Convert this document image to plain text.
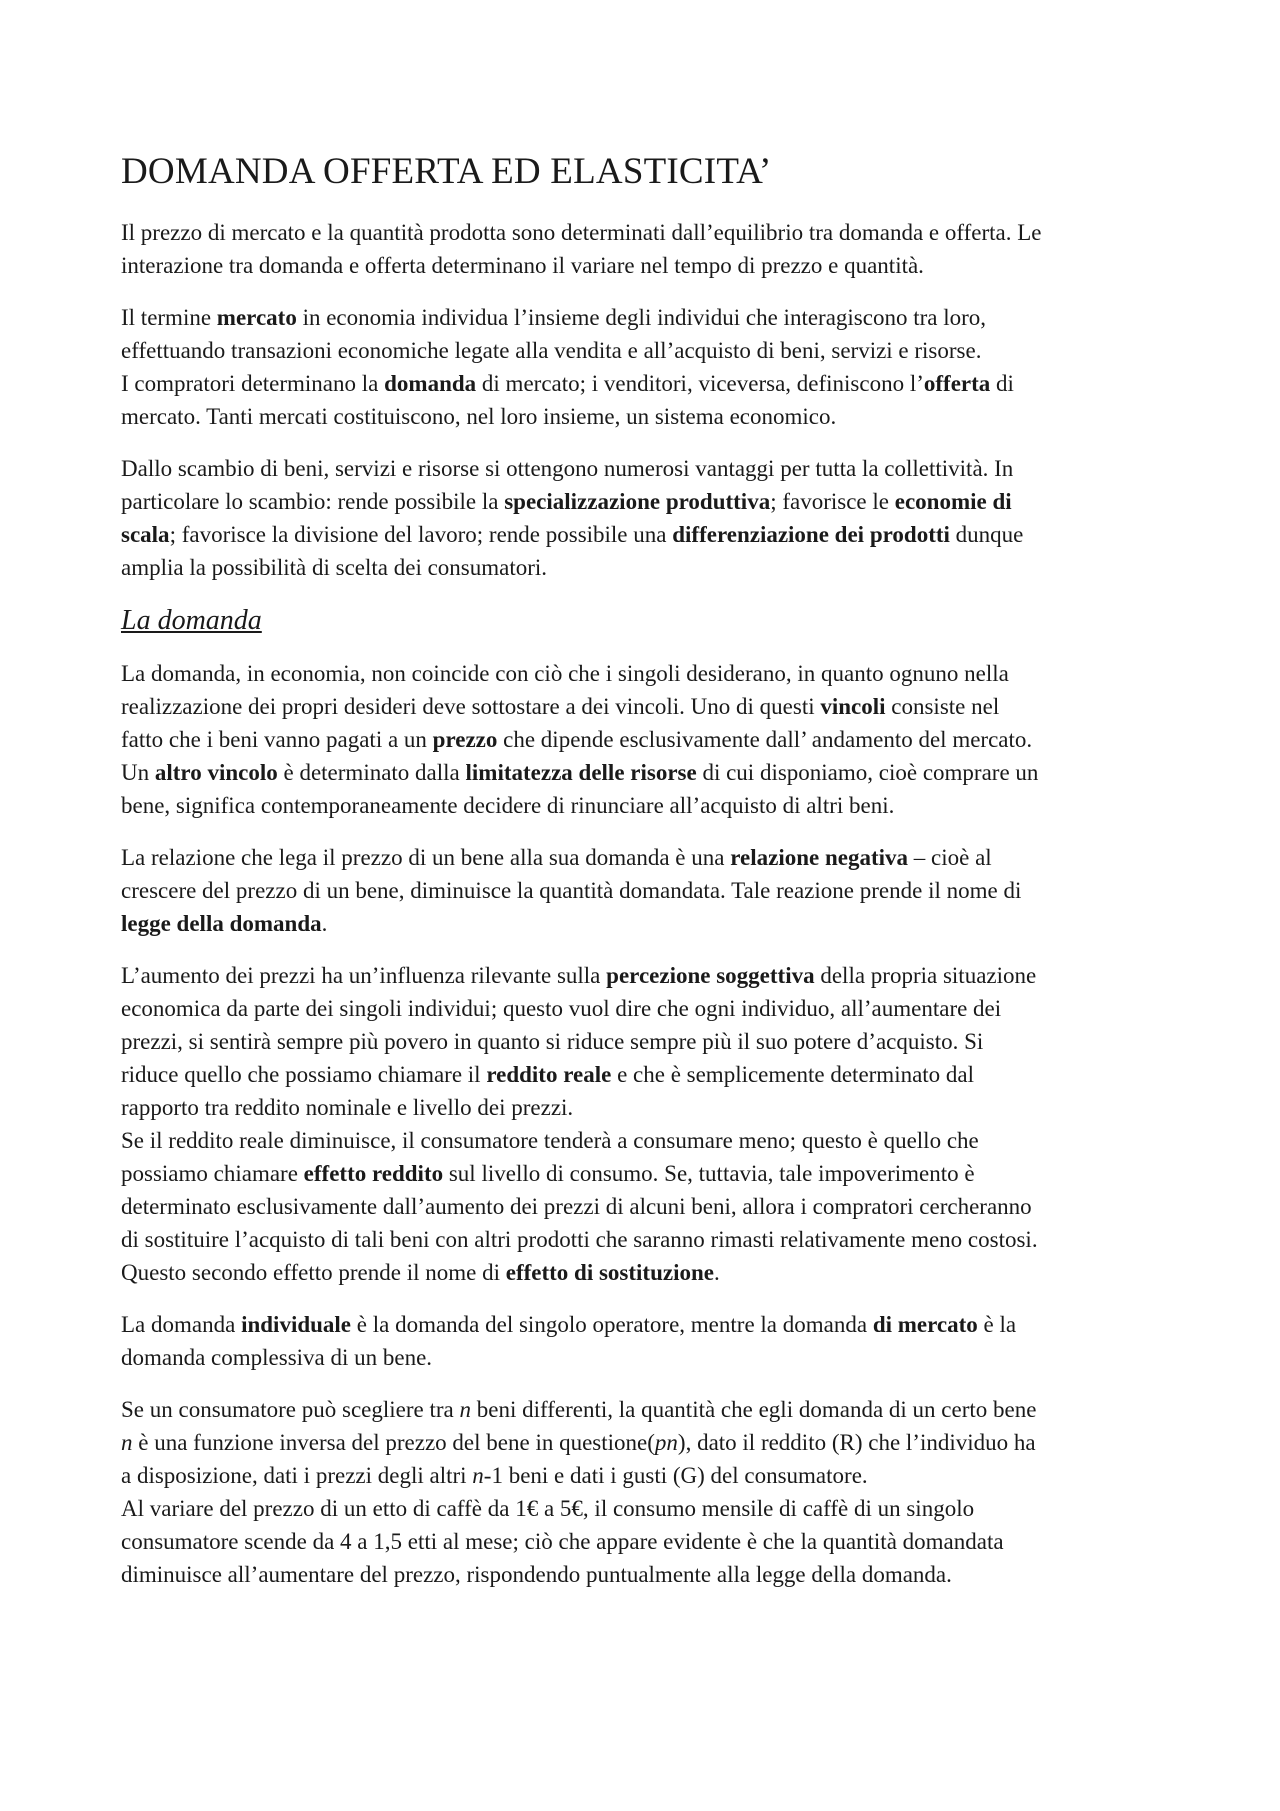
DOMANDA OFFERTA ED ELASTICITA’

Il prezzo di mercato e la quantità prodotta sono determinati dall’equilibrio tra domanda e offerta. Le
interazione tra domanda e offerta determinano il variare nel tempo di prezzo e quantità.

Il termine mercato in economia individua l’insieme degli individui che interagiscono tra loro,
effettuando transazioni economiche legate alla vendita e all’acquisto di beni, servizi e risorse.
I compratori determinano la domanda di mercato; i venditori, viceversa, definiscono l’offerta di
mercato. Tanti mercati costituiscono, nel loro insieme, un sistema economico.

Dallo scambio di beni, servizi e risorse si ottengono numerosi vantaggi per tutta la collettività. In
particolare lo scambio: rende possibile la specializzazione produttiva; favorisce le economie di
scala; favorisce la divisione del lavoro; rende possibile una differenziazione dei prodotti dunque
amplia la possibilità di scelta dei consumatori.

La domanda

La domanda, in economia, non coincide con ciò che i singoli desiderano, in quanto ognuno nella
realizzazione dei propri desideri deve sottostare a dei vincoli. Uno di questi vincoli consiste nel
fatto che i beni vanno pagati a un prezzo che dipende esclusivamente dall’ andamento del mercato.
Un altro vincolo è determinato dalla limitatezza delle risorse di cui disponiamo, cioè comprare un
bene, significa contemporaneamente decidere di rinunciare all’acquisto di altri beni.

La relazione che lega il prezzo di un bene alla sua domanda è una relazione negativa – cioè al
crescere del prezzo di un bene, diminuisce la quantità domandata. Tale reazione prende il nome di
legge della domanda.

L’aumento dei prezzi ha un’influenza rilevante sulla percezione soggettiva della propria situazione
economica da parte dei singoli individui; questo vuol dire che ogni individuo, all’aumentare dei
prezzi, si sentirà sempre più povero in quanto si riduce sempre più il suo potere d’acquisto. Si
riduce quello che possiamo chiamare il reddito reale e che è semplicemente determinato dal
rapporto tra reddito nominale e livello dei prezzi.
Se il reddito reale diminuisce, il consumatore tenderà a consumare meno; questo è quello che
possiamo chiamare effetto reddito sul livello di consumo. Se, tuttavia, tale impoverimento è
determinato esclusivamente dall’aumento dei prezzi di alcuni beni, allora i compratori cercheranno
di sostituire l’acquisto di tali beni con altri prodotti che saranno rimasti relativamente meno costosi.
Questo secondo effetto prende il nome di effetto di sostituzione.

La domanda individuale è la domanda del singolo operatore, mentre la domanda di mercato è la
domanda complessiva di un bene.

Se un consumatore può scegliere tra n beni differenti, la quantità che egli domanda di un certo bene
n è una funzione inversa del prezzo del bene in questione(pn), dato il reddito (R) che l’individuo ha
a disposizione, dati i prezzi degli altri n-1 beni e dati i gusti (G) del consumatore.
Al variare del prezzo di un etto di caffè da 1€ a 5€, il consumo mensile di caffè di un singolo
consumatore scende da 4 a 1,5 etti al mese; ciò che appare evidente è che la quantità domandata
diminuisce all’aumentare del prezzo, rispondendo puntualmente alla legge della domanda.
